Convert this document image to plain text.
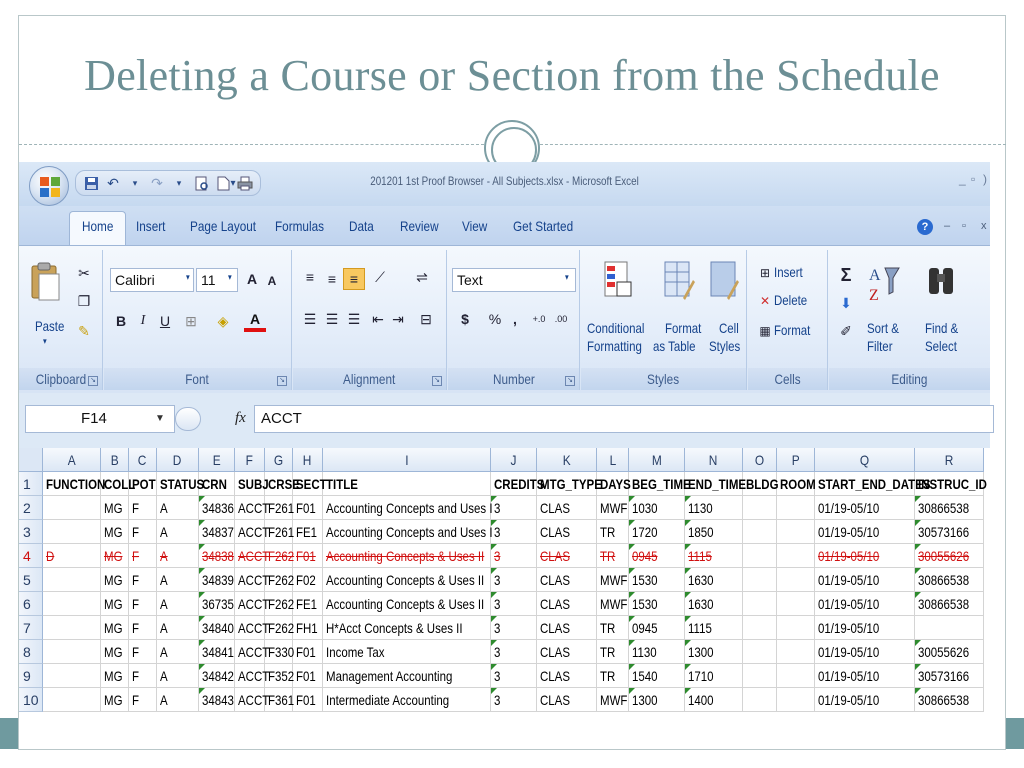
Deleting a Course or Section from the Schedule
201201 1st Proof Browser - All Subjects.xlsx - Microsoft Excel
↶	▾ ↷	▾	▾	_ ▫ )
Home Insert Page Layout Formulas Data Review View Get Started	?	– ▫ x
Paste
▾
✂
❐
✎
Clipboard ↘
Calibri	▾ 11	▾	A A
B	I	U	⊞	◈	A
Font	↘
≡ ≡ ≡	⟋	⇌
☰ ☰ ☰ ⇤ ⇥	⊟
Alignment	↘
Text	▾
$	% ,	+.0	.00
Number	↘
Conditional
Formatting
Format
as Table
Cell
Styles
Styles
⊞ Insert
✕ Delete
▦ Format
Cells
Σ
⬇
✐
A
Z
Sort &
Filter
Find &
Select
Editing
F14	▼	fx	ACCT
A	B	C	D	E	F	G	H	I	J	K	L	M	N	O	P	Q	R
1	FUNCTION
COLL
POT STATUS
CRN SUBJ CRSE
SECT TITLE	CREDITS
MTG_TYPE
DAYS BEG_TIME
END_TIME BLDG ROOM START_END_DATES
INSTRUC_ID
2	MG F	A	34836 ACCT
F261 F01 Accounting Concepts and Uses I 3	CLAS	MWF 1030	1130	01/19-05/10	30866538
3	MG F	A	34837 ACCT
F261 FE1 Accounting Concepts and Uses I 3	CLAS	TR	1720	1850	01/19-05/10	30573166
4	D	MG F	A	34838 ACCT
F262 F01 Accounting Concepts & Uses II 3	CLAS	TR	0945	1115	01/19-05/10	30055626
5	MG F	A	34839 ACCT
F262 F02 Accounting Concepts & Uses II 3	CLAS	MWF 1530	1630	01/19-05/10	30866538
6	MG F	A	36735 ACCT
F262 FE1 Accounting Concepts & Uses II 3	CLAS	MWF 1530	1630	01/19-05/10	30866538
7	MG F	A	34840 ACCT
F262 FH1 H*Acct Concepts & Uses II	3	CLAS	TR	0945	1115	01/19-05/10
8	MG F	A	34841 ACCT
F330 F01 Income Tax	3	CLAS	TR	1130	1300	01/19-05/10	30055626
9	MG F	A	34842 ACCT
F352 F01 Management Accounting	3	CLAS	TR	1540	1710	01/19-05/10	30573166
10	MG F	A	34843 ACCT
F361 F01 Intermediate Accounting	3	CLAS	MWF 1300	1400	01/19-05/10	30866538
